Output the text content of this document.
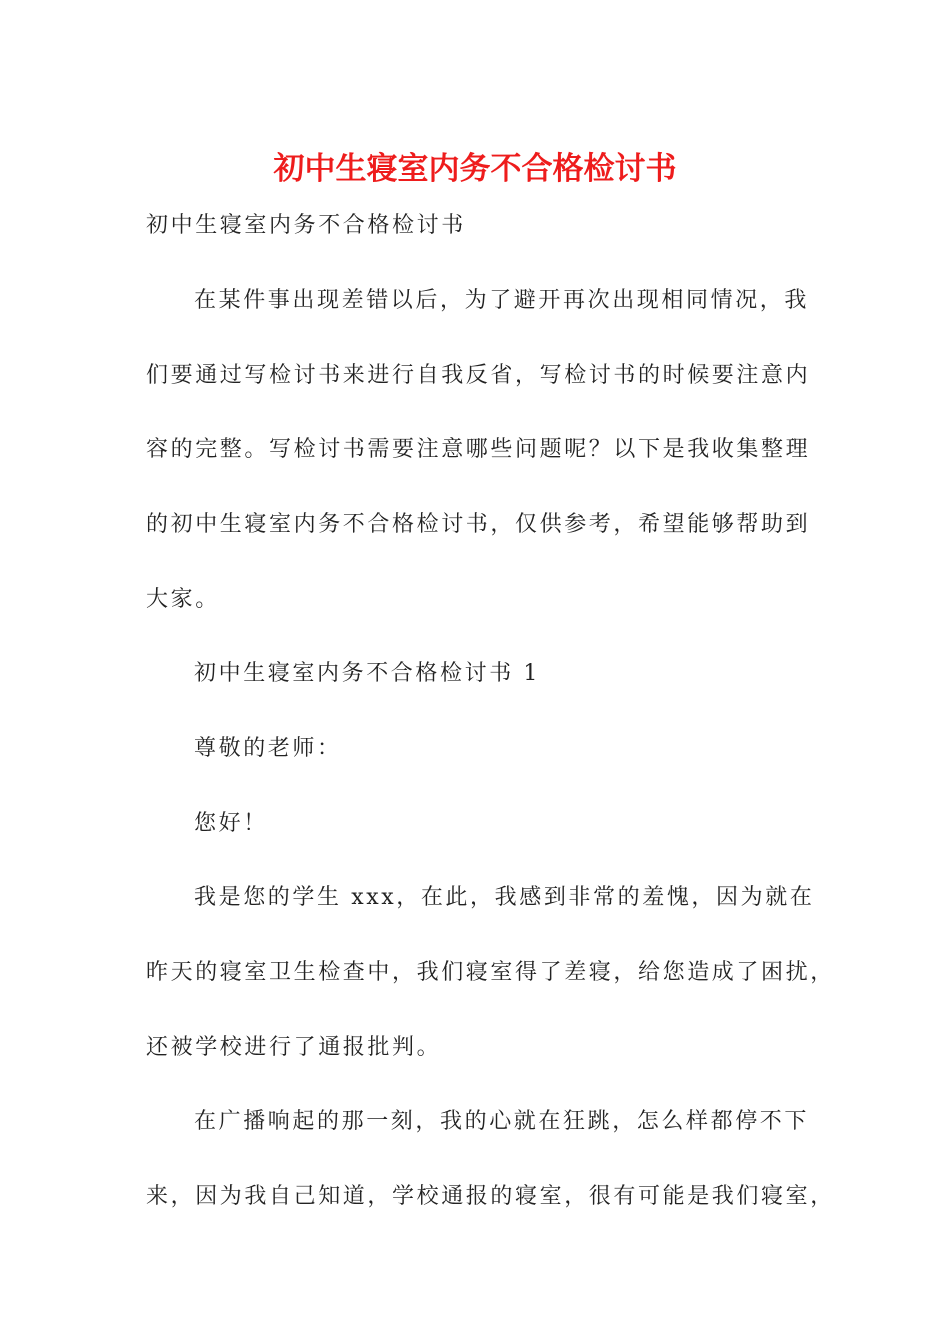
初中生寝室内务不合格检讨书
初中生寝室内务不合格检讨书
在某件事出现差错以后，为了避开再次出现相同情况，我
们要通过写检讨书来进行自我反省，写检讨书的时候要注意内
容的完整。写检讨书需要注意哪些问题呢？以下是我收集整理
的初中生寝室内务不合格检讨书，仅供参考，希望能够帮助到
大家。
初中生寝室内务不合格检讨书 1
尊敬的老师：
您好！
我是您的学生 xxx，在此，我感到非常的羞愧，因为就在
昨天的寝室卫生检查中，我们寝室得了差寝，给您造成了困扰，
还被学校进行了通报批判。
在广播响起的那一刻，我的心就在狂跳，怎么样都停不下
来，因为我自己知道，学校通报的寝室，很有可能是我们寝室，
